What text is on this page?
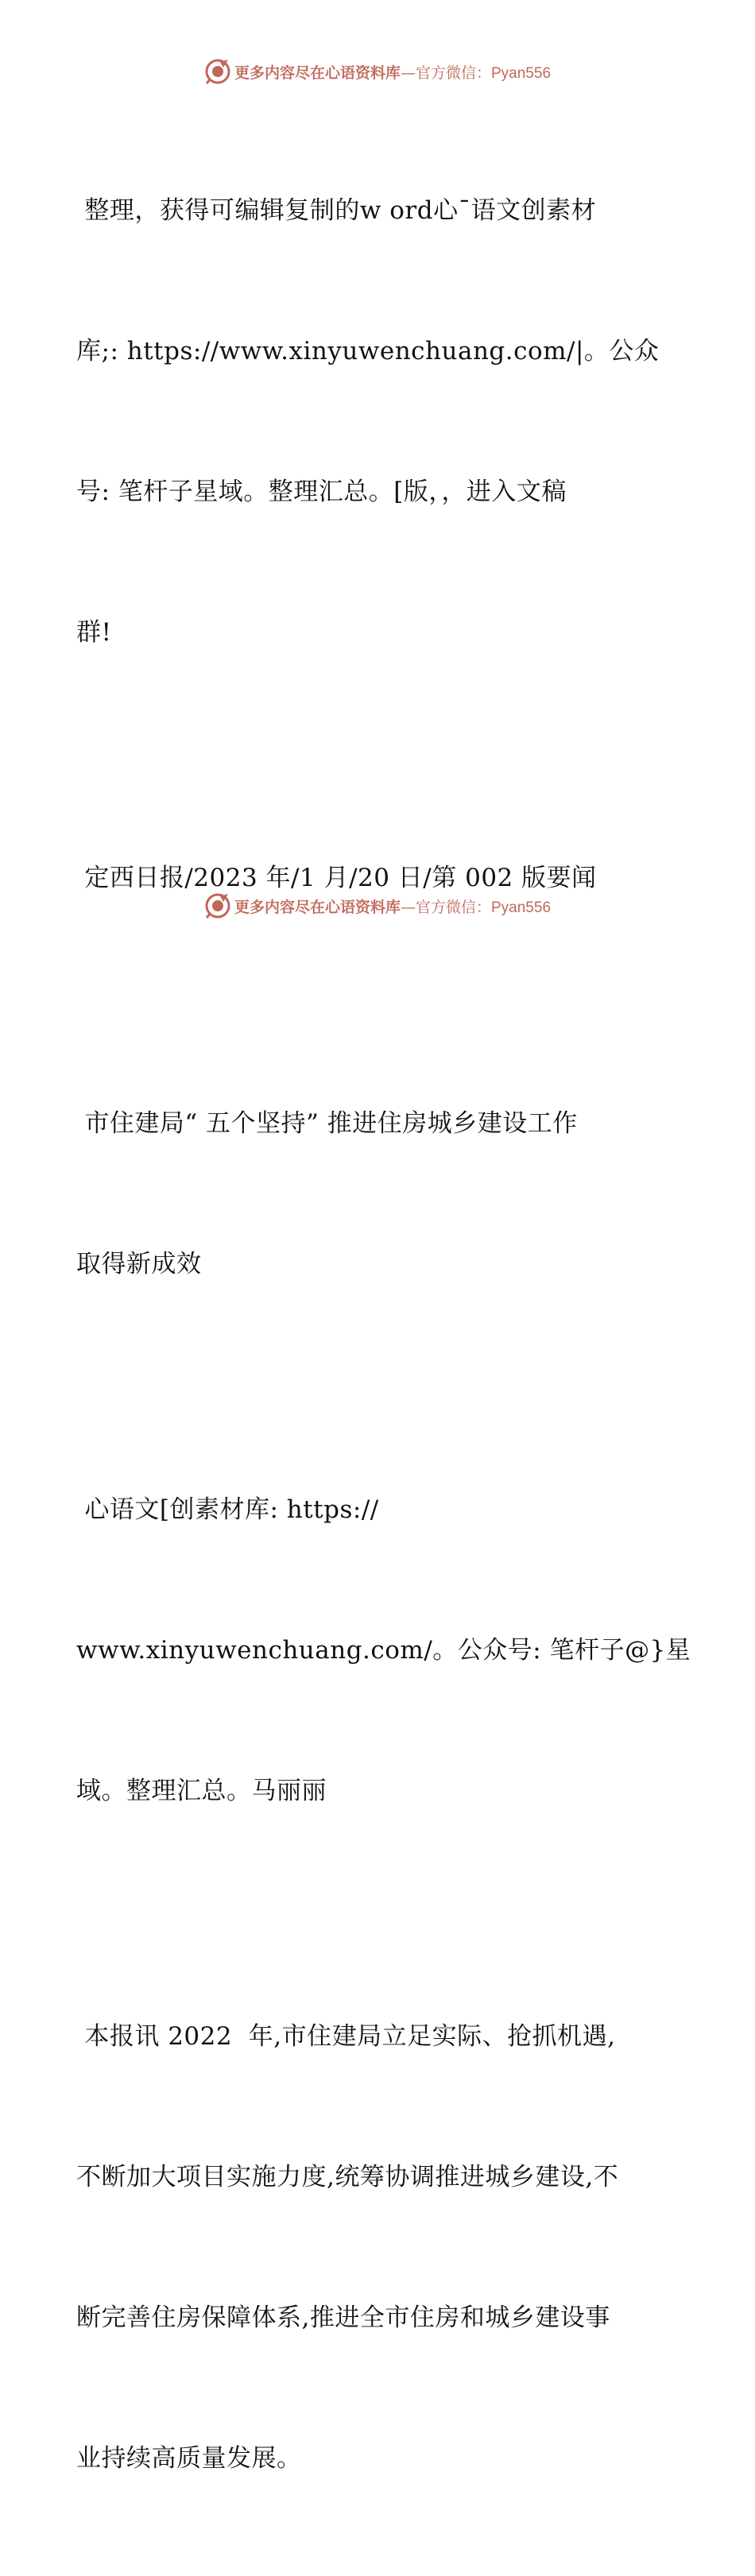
更多内容尽在心语资料库—官方微信：Pyan556

整理，获得可编辑复制的w ord心¯语文创素材

库;: https://www.xinyuwenchuang.com/|。公众

号: 笔杆子星域。整理汇总。[版，，进入文稿

群!

定西日报/2023 年/1 月/20 日/第 002 版要闻

市住建局“ 五个坚持” 推进住房城乡建设工作

取得新成效

心语文[创素材库: https://

www.xinyuwenchuang.com/。公众号: 笔杆子@}星

域。整理汇总。马丽丽

本报讯 2022  年,市住建局立足实际、抢抓机遇,

不断加大项目实施力度,统筹协调推进城乡建设,不

断完善住房保障体系,推进全市住房和城乡建设事

业持续高质量发展。

更多内容尽在心语资料库—官方微信：Pyan556
